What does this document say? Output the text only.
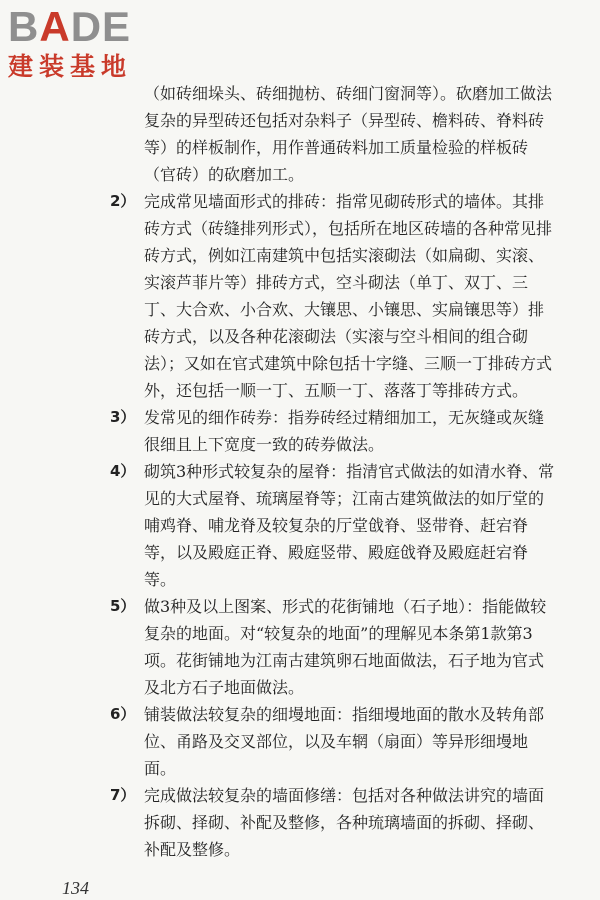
BADE
建装基地

（如砖细垛头、砖细抛枋、砖细门窗洞等）。砍磨加工做法复杂的异型砖还包括对杂料子（异型砖、檐料砖、脊料砖等）的样板制作，用作普通砖料加工质量检验的样板砖（官砖）的砍磨加工。

2） 完成常见墙面形式的排砖：指常见砌砖形式的墙体。其排砖方式（砖缝排列形式），包括所在地区砖墙的各种常见排砖方式，例如江南建筑中包括实滚砌法（如扁砌、实滚、实滚芦菲片等）排砖方式，空斗砌法（单丁、双丁、三丁、大合欢、小合欢、大镶思、小镶思、实扁镶思等）排砖方式，以及各种花滚砌法（实滚与空斗相间的组合砌法）；又如在官式建筑中除包括十字缝、三顺一丁排砖方式外，还包括一顺一丁、五顺一丁、落落丁等排砖方式。
3） 发常见的细作砖券：指券砖经过精细加工，无灰缝或灰缝很细且上下宽度一致的砖券做法。
4） 砌筑3种形式较复杂的屋脊：指清官式做法的如清水脊、常见的大式屋脊、琉璃屋脊等；江南古建筑做法的如厅堂的哺鸡脊、哺龙脊及较复杂的厅堂戗脊、竖带脊、赶宕脊等，以及殿庭正脊、殿庭竖带、殿庭戗脊及殿庭赶宕脊等。
5） 做3种及以上图案、形式的花街铺地（石子地）：指能做较复杂的地面。对“较复杂的地面”的理解见本条第1款第3项。花街铺地为江南古建筑卵石地面做法，石子地为官式及北方石子地面做法。
6） 铺装做法较复杂的细墁地面：指细墁地面的散水及转角部位、甬路及交叉部位，以及车辋（扇面）等异形细墁地面。
7） 完成做法较复杂的墙面修缮：包括对各种做法讲究的墙面拆砌、择砌、补配及整修，各种琉璃墙面的拆砌、择砌、补配及整修。
134
